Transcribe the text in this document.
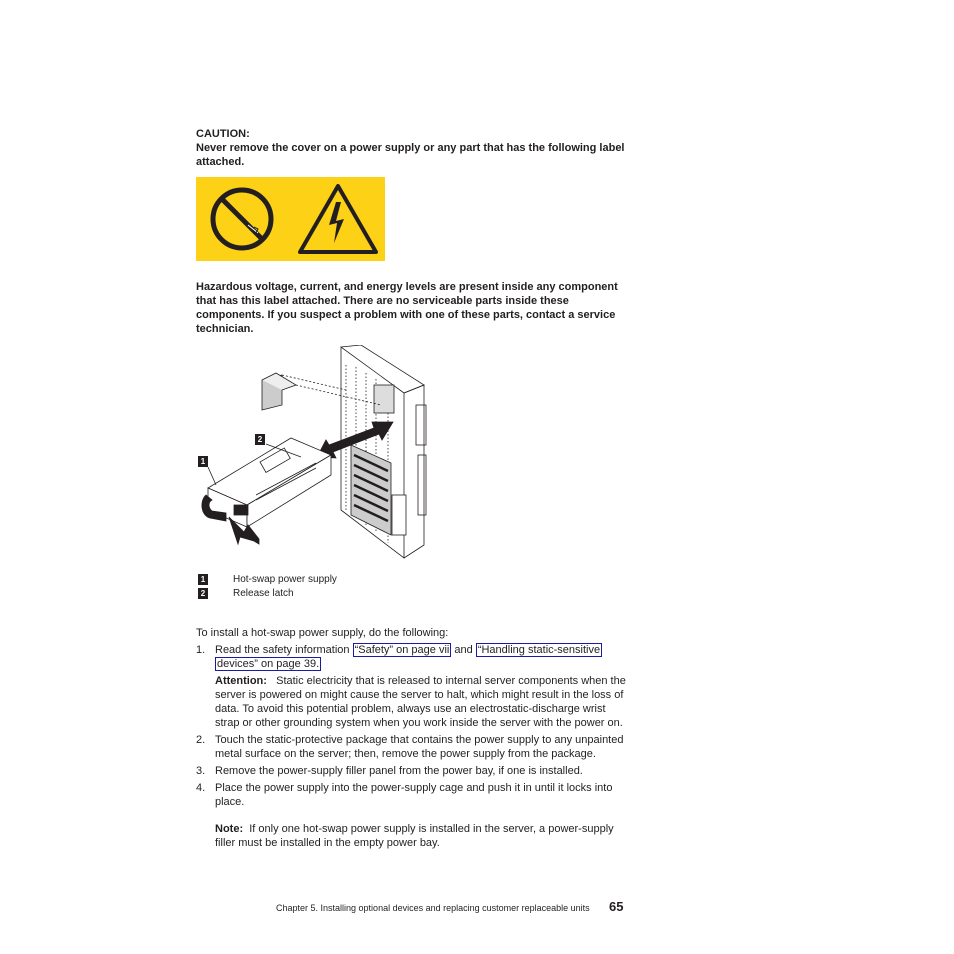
CAUTION:
Never remove the cover on a power supply or any part that has the following label attached.
Hazardous voltage, current, and energy levels are present inside any component that has this label attached. There are no serviceable parts inside these components. If you suspect a problem with one of these parts, contact a service technician.
2
1
1	Hot-swap power supply
2	Release latch
To install a hot-swap power supply, do the following:
1. Read the safety information “Safety” on page vii and “Handling static-sensitive
devices” on page 39.
Attention: Static electricity that is released to internal server components when the server is powered on might cause the server to halt, which might result in the loss of data. To avoid this potential problem, always use an electrostatic-discharge wrist strap or other grounding system when you work inside the server with the power on.
2. Touch the static-protective package that contains the power supply to any unpainted metal surface on the server; then, remove the power supply from the package.
3. Remove the power-supply filler panel from the power bay, if one is installed.
4. Place the power supply into the power-supply cage and push it in until it locks into place.
Note: If only one hot-swap power supply is installed in the server, a power-supply filler must be installed in the empty power bay.
Chapter 5. Installing optional devices and replacing customer replaceable units 65
